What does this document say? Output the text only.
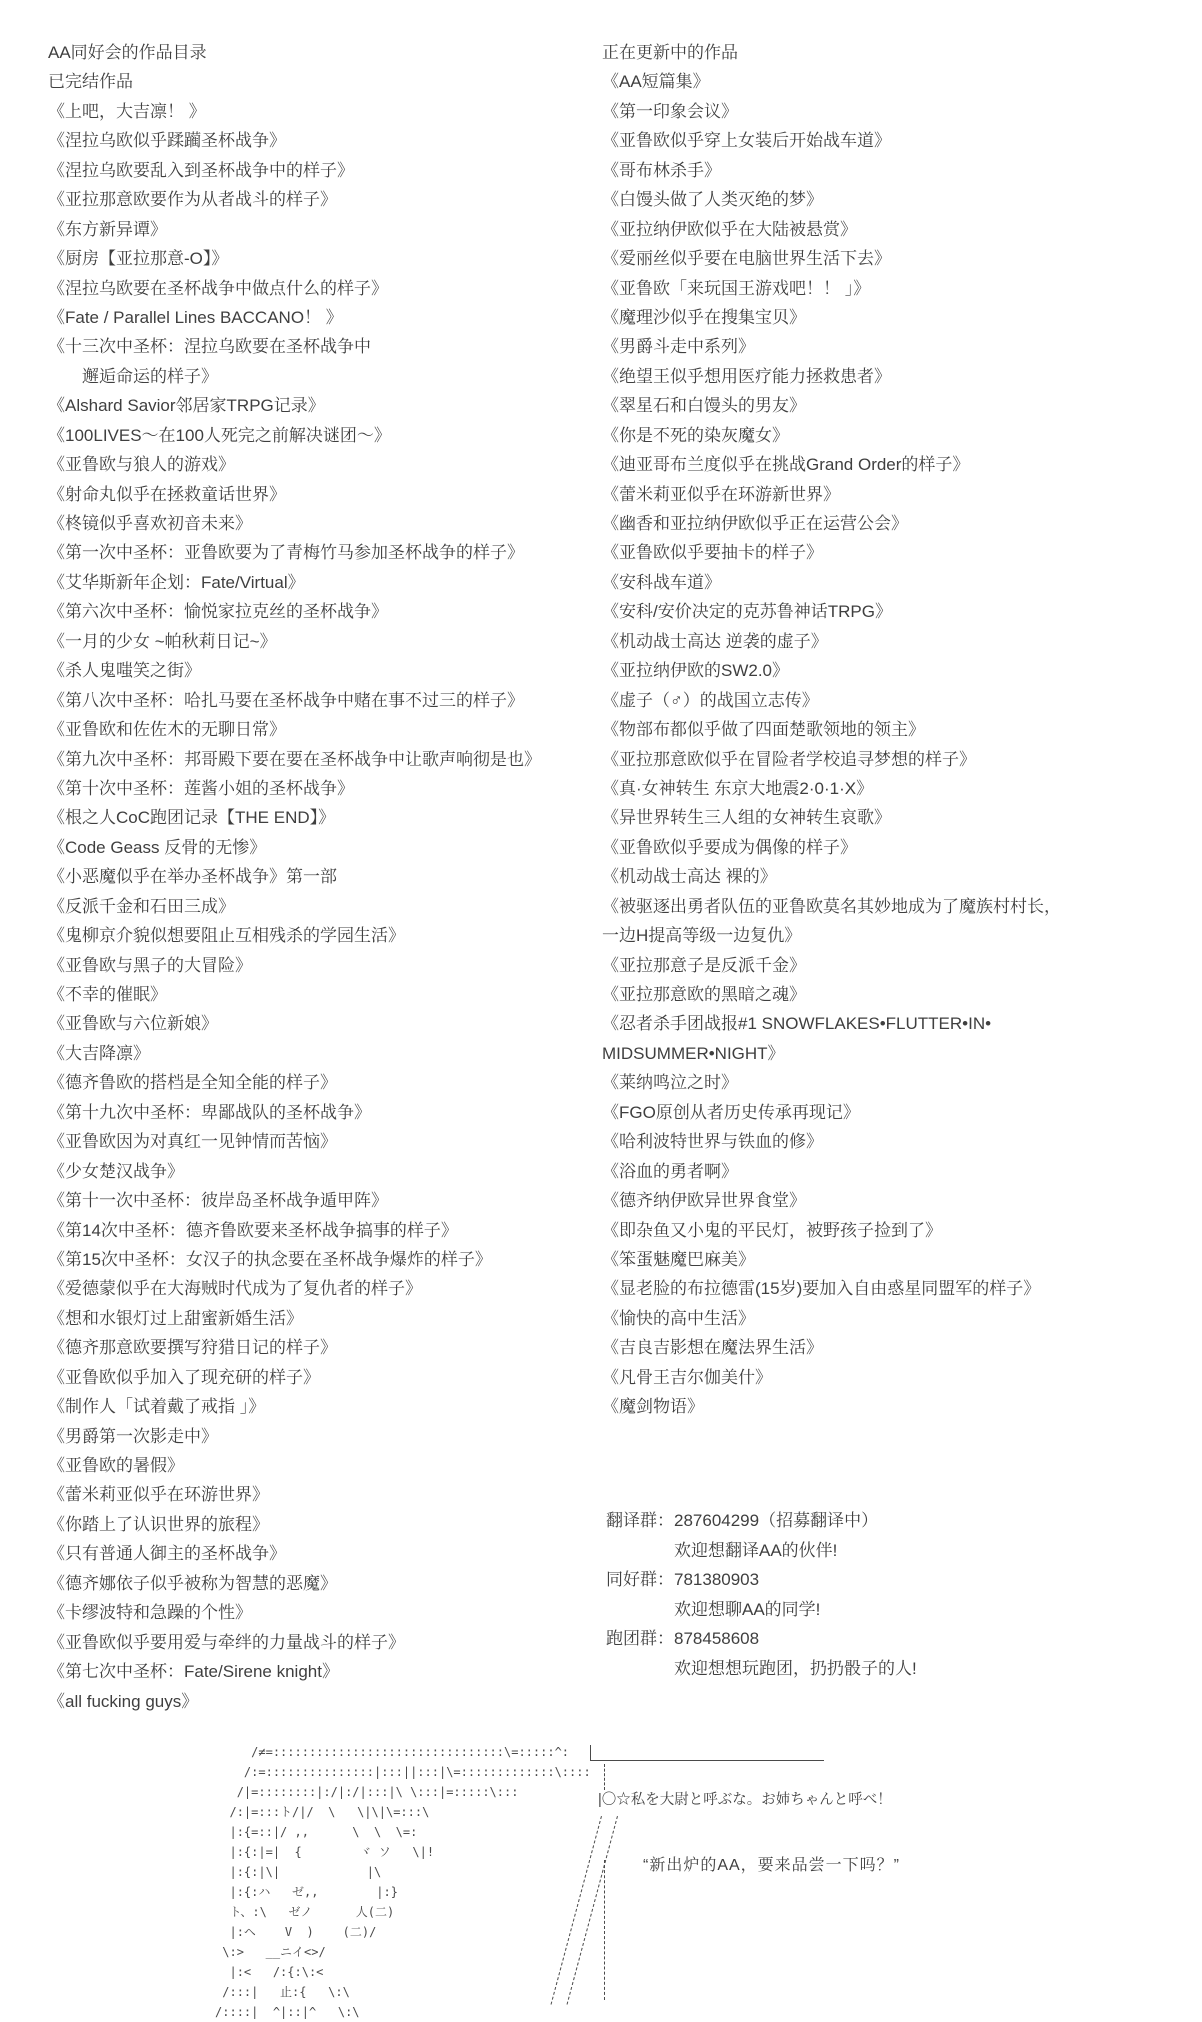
AA同好会的作品目录
已完结作品
《上吧，大吉凛！ 》
《涅拉乌欧似乎蹂躏圣杯战争》
《涅拉乌欧要乱入到圣杯战争中的样子》
《亚拉那意欧要作为从者战斗的样子》
《东方新异谭》
《厨房【亚拉那意-O】》
《涅拉乌欧要在圣杯战争中做点什么的样子》
《Fate / Parallel Lines BACCANO！ 》
《十三次中圣杯：涅拉乌欧要在圣杯战争中
　　邂逅命运的样子》
《Alshard Savior邻居家TRPG记录》
《100LIVES～在100人死完之前解决谜团～》
《亚鲁欧与狼人的游戏》
《射命丸似乎在拯救童话世界》
《柊镜似乎喜欢初音未来》
《第一次中圣杯：亚鲁欧要为了青梅竹马参加圣杯战争的样子》
《艾华斯新年企划：Fate/Virtual》
《第六次中圣杯：愉悦家拉克丝的圣杯战争》
《一月的少女 ~帕秋莉日记~》
《杀人鬼嗤笑之街》
《第八次中圣杯：哈扎马要在圣杯战争中赌在事不过三的样子》
《亚鲁欧和佐佐木的无聊日常》
《第九次中圣杯：邦哥殿下要在要在圣杯战争中让歌声响彻是也》
《第十次中圣杯：莲酱小姐的圣杯战争》
《根之人CoC跑团记录【THE END】》
《Code Geass 反骨的无惨》
《小恶魔似乎在举办圣杯战争》第一部
《反派千金和石田三成》
《鬼柳京介貌似想要阻止互相残杀的学园生活》
《亚鲁欧与黑子的大冒险》
《不幸的催眠》
《亚鲁欧与六位新娘》
《大吉降凛》
《德齐鲁欧的搭档是全知全能的样子》
《第十九次中圣杯：卑鄙战队的圣杯战争》
《亚鲁欧因为对真红一见钟情而苦恼》
《少女楚汉战争》
《第十一次中圣杯：彼岸岛圣杯战争遁甲阵》
《第14次中圣杯：德齐鲁欧要来圣杯战争搞事的样子》
《第15次中圣杯：女汉子的执念要在圣杯战争爆炸的样子》
《爱德蒙似乎在大海贼时代成为了复仇者的样子》
《想和水银灯过上甜蜜新婚生活》
《德齐那意欧要撰写狩猎日记的样子》
《亚鲁欧似乎加入了现充研的样子》
《制作人「试着戴了戒指 」》
《男爵第一次影走中》
《亚鲁欧的暑假》
《蕾米莉亚似乎在环游世界》
《你踏上了认识世界的旅程》
《只有普通人御主的圣杯战争》
《德齐娜依子似乎被称为智慧的恶魔》
《卡缪波特和急躁的个性》
《亚鲁欧似乎要用爱与牵绊的力量战斗的样子》
《第七次中圣杯：Fate/Sirene knight》
《all fucking guys》
正在更新中的作品
《AA短篇集》
《第一印象会议》
《亚鲁欧似乎穿上女装后开始战车道》
《哥布林杀手》
《白馒头做了人类灭绝的梦》
《亚拉纳伊欧似乎在大陆被悬赏》
《爱丽丝似乎要在电脑世界生活下去》
《亚鲁欧「来玩国王游戏吧！！ 」》
《魔理沙似乎在搜集宝贝》
《男爵斗走中系列》
《绝望王似乎想用医疗能力拯救患者》
《翠星石和白馒头的男友》
《你是不死的染灰魔女》
《迪亚哥布兰度似乎在挑战Grand Order的样子》
《蕾米莉亚似乎在环游新世界》
《幽香和亚拉纳伊欧似乎正在运营公会》
《亚鲁欧似乎要抽卡的样子》
《安科战车道》
《安科/安价决定的克苏鲁神话TRPG》
《机动战士高达 逆袭的虚子》
《亚拉纳伊欧的SW2.0》
《虚子（♂）的战国立志传》
《物部布都似乎做了四面楚歌领地的领主》
《亚拉那意欧似乎在冒险者学校追寻梦想的样子》
《真·女神转生 东京大地震2·0·1·X》
《异世界转生三人组的女神转生哀歌》
《亚鲁欧似乎要成为偶像的样子》
《机动战士高达 裸的》
《被驱逐出勇者队伍的亚鲁欧莫名其妙地成为了魔族村村长，
一边H提高等级一边复仇》
《亚拉那意子是反派千金》
《亚拉那意欧的黑暗之魂》
《忍者杀手团战报#1 SNOWFLAKES•FLUTTER•IN•
MIDSUMMER•NIGHT》
《莱纳鸣泣之时》
《FGO原创从者历史传承再现记》
《哈利波特世界与铁血的修》
《浴血的勇者啊》
《德齐纳伊欧异世界食堂》
《即杂鱼又小鬼的平民灯，被野孩子捡到了》
《笨蛋魅魔巴麻美》
《显老脸的布拉德雷(15岁)要加入自由惑星同盟军的样子》
《愉快的高中生活》
《吉良吉影想在魔法界生活》
《凡骨王吉尔伽美什》
《魔剑物语》
翻译群：287604299（招募翻译中）
　　　　欢迎想翻译AA的伙伴!
同好群：781380903
　　　　欢迎想聊AA的同学!
跑团群：878458608
　　　　欢迎想想玩跑团，扔扔骰子的人!
/≠=::::::::::::::::::::::::::::::::\=:::::^:
/:=:::::::::::::::|:::||:::|\=:::::::::::::\::::
/|=::::::::|:/|:/|:::|\ \:::|=:::::\:::
/:|=:::ト/|/  \   \|\|\=:::\
|:{=::|/ ,,      \  \  \=:
|:{:|=|  {        ヾ ソ   \|!
|:{:|\|            |\
|:{:ハ   ゼ,,        |:}
ト、:\   ゼノ      人(二)
|:ヘ    V  )    (二)/
\:>   __ニイ<>/
|:<   /:{:\:<
/:::|   止:{   \:\
/::::|  ^|::|^   \:\
|〇☆私を大尉と呼ぶな。お姉ちゃんと呼べ！
“新出炉的AA，要来品尝一下吗？”
